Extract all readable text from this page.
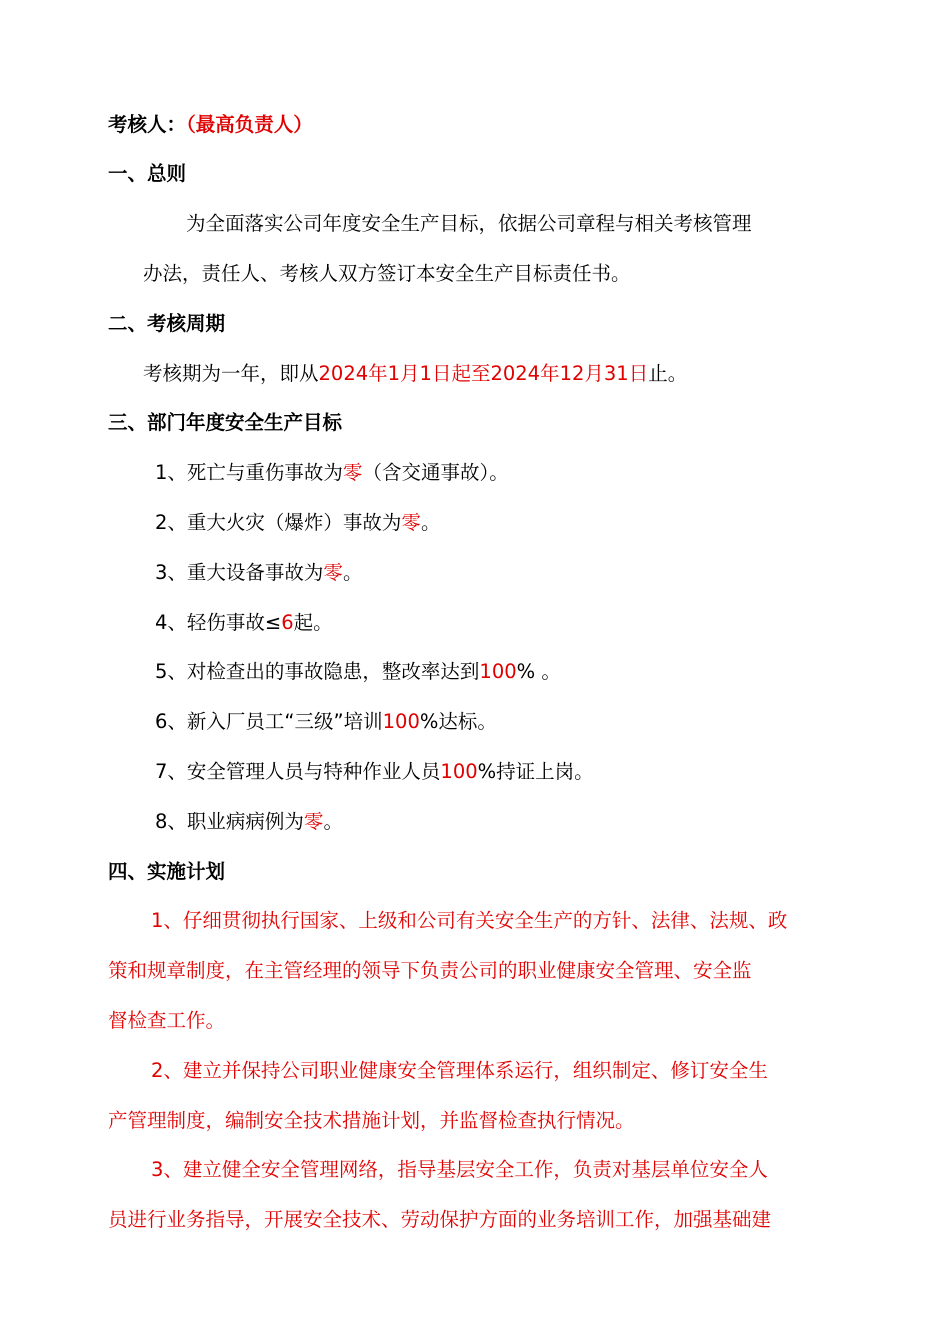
考核人：（最高负责人）
一、总则
为全面落实公司年度安全生产目标，依据公司章程与相关考核管理
办法，责任人、考核人双方签订本安全生产目标责任书。
二、考核周期
考核期为一年，即从2024年1月1日起至2024年12月31日止。
三、部门年度安全生产目标
1、死亡与重伤事故为零（含交通事故）。
2、重大火灾（爆炸）事故为零。
3、重大设备事故为零。
4、轻伤事故≤6起。
5、对检查出的事故隐患，整改率达到100% 。
6、新入厂员工“三级”培训100%达标。
7、安全管理人员与特种作业人员100%持证上岗。
8、职业病病例为零。
四、实施计划
1、仔细贯彻执行国家、上级和公司有关安全生产的方针、法律、法规、政
策和规章制度，在主管经理的领导下负责公司的职业健康安全管理、安全监
督检查工作。
2、建立并保持公司职业健康安全管理体系运行，组织制定、修订安全生
产管理制度，编制安全技术措施计划，并监督检查执行情况。
3、建立健全安全管理网络，指导基层安全工作，负责对基层单位安全人
员进行业务指导，开展安全技术、劳动保护方面的业务培训工作，加强基础建
